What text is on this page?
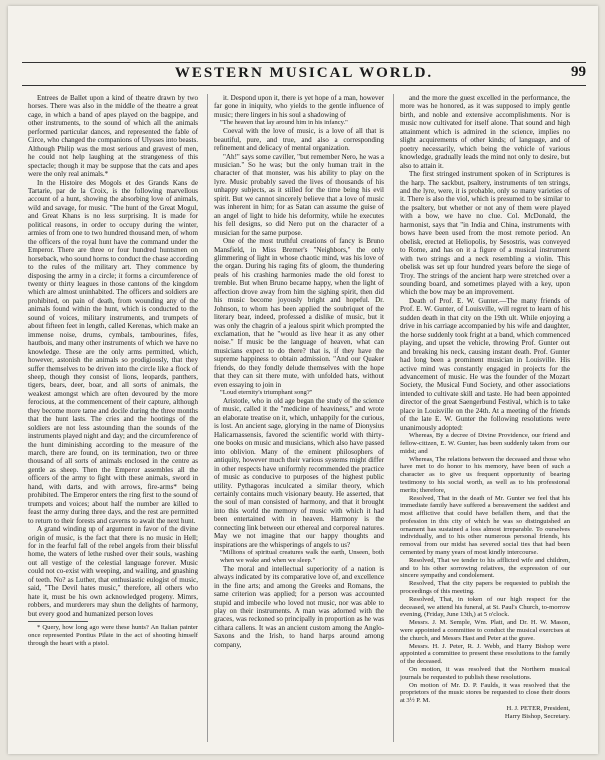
WESTERN MUSICAL WORLD.	99

Entrees de Ballet upon a kind of theatre drawn by two horses. There was also in the middle of the theatre a great cage, in which a band of apes played on the bagpipe, and other instruments, to the sound of which all the animals performed particular dances, and represented the fable of Circe, who changed the companions of Ulysses into beasts. Although Philip was the most serious and gravest of men, he could not help laughing at the strangeness of this spectacle; though it may be suppose that the cats and apes were the only real animals.*

In the Histoire des Mogols et des Grands Kans de Tartarie, par de la Croix, is the following marvellous account of a hunt, showing the absorbing love of animals, wild and savage, for music. "The hunt of the Great Mogul, and Great Khans is no less surprising. It is made for political reasons, in order to occupy during the winter, armies of from one to two hundred thousand men, of whom the officers of the royal hunt have the command under the Emperor. There are three or four hundred huntsmen on horseback, who sound horns to conduct the chase according to the rules of the military art. They commence by disposing the army in a circle; it forms a circumference of twenty or thirty leagues in those cantons of the kingdom which are almost uninhabited. The officers and soldiers are prohibited, on pain of death, from wounding any of the animals found within the hunt, which is conducted to the sound of voices, military instruments, and trumpets of about fifteen feet in length, called Kerenas, which make an immense noise, drums, cymbals, tambourines, fifes, hautbois, and many other instruments of which we have no knowledge. These are the only arms permitted, which, however, astonish the animals so prodigiously, that they suffer themselves to be driven into the circle like a flock of sheep, though they consist of lions, leopards, panthers, tigers, bears, deer, boar, and all sorts of animals, the weakest amongst which are often devoured by the more ferocious, at the commencement of their capture, although they become more tame and docile during the three months that the hunt lasts. The cries and the hootings of the soldiers are not less astounding than the sounds of the instruments played night and day; and the circumference of the hunt diminishing according to the measure of the march, there are found, on its termination, two or three thousand of all sorts of animals enclosed in the centre as gentle as sheep. Then the Emperor assembles all the officers of the army to fight with these animals, sword in hand, with darts, and with arrows, fire-arms* being prohibited. The Emperor enters the ring first to the sound of trumpets and voices; about half the number are killed to feast the army during three days, and the rest are permitted to return to their forests and caverns to await the next hunt.

A grand winding up of argument in favor of the divine origin of music, is the fact that there is no music in Hell; for in the fearful fall of the rebel angels from their blissful home, the waters of lethe rushed over their souls, washing out all vestige of the celestial language forever. Music could not co-exist with weeping, and wailing, and gnashing of teeth. No? as Luther, that enthusiastic eulogist of music, said, "The Devil hates music," therefore, all others who hate it, must be his own acknowledged progeny. Mimrs, robbers, and murderers may shun the delights of harmony, but every good and humanized person loves

* Query, how long ago were these hunts? An Italian painter once represented Pontius Pilate in the act of shooting himself through the heart with a pistol.

it. Despond upon it, there is yet hope of a man, however far gone in iniquity, who yields to the gentle influence of music; there lingers in his soul a shadowing of

"The heaven that lay around him in his infancy."

Coeval with the love of music, is a love of all that is beautiful, pure, and true, and also a corresponding refinement and delicacy of mental organization.

"Ah!" says some caviller, "but remember Nero, he was a musician." So he was; but the only human trait in the character of that monster, was his ability to play on the lyre. Music probably saved the lives of thousands of his unhappy subjects, as it stilled for the time being his evil spirit. But we cannot sincerely believe that a love of music was inherent in him; for as Satan can assume the guise of an angel of light to hide his deformity, while he executes his fell designs, so did Nero put on the character of a musician for the same purpose.

One of the most truthful creations of fancy is Bruno Mansfield, in Miss Bremer's "Neighbors," the only glimmering of light in whose chaotic mind, was his love of the organ. During his raging fits of gloom, the thundering peals of his crashing harmonies made the old forest to tremble. But when Bruno became happy, when the light of affection drove away from him the sighing spirit, then did his music become joyously bright and hopeful. Dr. Johnson, to whom has been applied the soubriquet of the literary bear, indeed, professed a dislike of music, but it was only the chagrin of a jealous spirit which prompted the exclamation, that he "would as live hear it as any other noise." If music be the language of heaven, what can musicians expect to do there? that is, if they have the supreme happiness to obtain admission. "And our Quaker friends, do they fondly delude themselves with the hope that they can sit there mute, with unfolded hats, without even essaying to join in

"Loud eternity's triumphant song?"

Aristotle, who in old age began the study of the science of music, called it the "medicine of heaviness," and wrote an elaborate treatise on it, which, unhappily for the curious, is lost. An ancient sage, glorying in the name of Dionysius Halicarnassensis, favored the scientific world with thirty-one books on music and musicians, which also have passed into oblivion. Many of the eminent philosophers of antiquity, however much their various systems might differ in other respects have uniformly recommended the practice of music as conducive to purposes of the highest public utility. Pythagoras inculcated a similar theory, which certainly contains much visionary beauty. He asserted, that the soul of man consisted of harmony, and that it brought into this world the memory of music with which it had been entertained with in heaven. Harmony is the connecting link between our ethereal and corporeal natures. May we not imagine that our happy thoughts and inspirations are the whisperings of angels to us?

"Millions of spiritual creatures walk the earth, Unseen, both when we wake and when we sleep."

The moral and intellectual superiority of a nation is always indicated by its comparative love of, and excellence in the fine arts; and among the Greeks and Romans, the same criterion was applied; for a person was accounted stupid and imbecile who loved not music, nor was able to play on their instruments. A man was adorned with the graces, was reckoned so principally in proportion as he was cithara callens. It was an ancient custom among the Anglo-Saxons and the Irish, to hand harps around among company,

and the more the guest excelled in the performance, the more was he honored, as it was supposed to imply gentle birth, and noble and extensive accomplishments. Nor is music now cultivated for itself alone. That sound and high attainment which is admired in the science, implies no slight acquirements of other kinds; of language, and of poetry necessarily, which being the vehicle of various knowledge, gradually leads the mind not only to desire, but also to attain it.

The first stringed instrument spoken of in Scriptures is the harp. The sackbut, psaltery, instruments of ten strings, and the lyre, were, it is probable, only so many varieties of it. There is also the viol, which is presumed to be similar to the psaltery, but whether or not any of them were played with a bow, we have no clue. Col. McDonald, the harmonist, says that "in India and China, instruments with bows have been used from the most remote period. An obelisk, erected at Heliopolis, by Sesostris, was conveyed to Rome, and has on it a figure of a musical instrument with two strings and a neck resembling a violin. This obelisk was set up four hundred years before the siege of Troy. The strings of the ancient harp were stretched over a sounding board, and sometimes played with a key, upon which the bow may be an improvement.

Death of Prof. E. W. Gunter.—The many friends of Prof. E. W. Gunter, of Louisville, will regret to learn of his sudden death in that city on the 19th ult. While enjoying a drive in his carriage accompanied by his wife and daughter, the horse suddenly took fright at a band, which commenced playing, and upset the vehicle, throwing Prof. Gunter out and breaking his neck, causing instant death. Prof. Gunter had long been a prominent musician in Louisville. His active mind was constantly engaged in projects for the advancement of music. He was the founder of the Mozart Society, the Musical Fund Society, and other associations intended to cultivate skill and taste. He had been appointed director of the great Saengerbund Festival, which is to take place in Louisville on the 24th. At a meeting of the friends of the late E. W. Gunter the following resolutions were unanimously adopted:

Whereas, By a decree of Divine Providence, our friend and fellow-citizen, E. W. Gunter, has been suddenly taken from our midst; and

Whereas, The relations between the deceased and those who have met to do honor to his memory, have been of such a character as to give us frequent opportunity of bearing testimony to his social worth, as well as to his professional merits; therefore,

Resolved, That in the death of Mr. Gunter we feel that his immediate family have suffered a bereavement the saddest and most afflictive that could have befallen them, and that the profession in this city of which he was so distinguished an ornament has sustained a loss almost irreparable. To ourselves individually, and to his other numerous personal friends, his removal from our midst has severed social ties that had been cemented by many years of most kindly intercourse.

Resolved, That we tender to his afflicted wife and children, and to his other sorrowing relatives, the expression of our sincere sympathy and condolement.

Resolved, That the city papers be requested to publish the proceedings of this meeting.

Resolved, That, in token of our high respect for the deceased, we attend his funeral, at St. Paul's Church, to-morrow evening, (Friday, June 13th,) at 5 o'clock.

Messrs. J. M. Semple, Wm. Platt, and Dr. H. W. Mason, were appointed a committee to conduct the musical exercises at the church, and Messrs Hast and Peter at the grave.

Messrs. H. J. Peter, R. J. Webb, and Harry Bishop were appointed a committee to present these resolutions to the family of the deceased.

On motion, it was resolved that the Northern musical journals be requested to publish these resolutions.

On motion of Mr. D. P. Faulds, it was resolved that the proprietors of the music stores be requested to close their doors at 3½ P. M.

H. J. PETER, President,

Harry Bishop, Secretary.
